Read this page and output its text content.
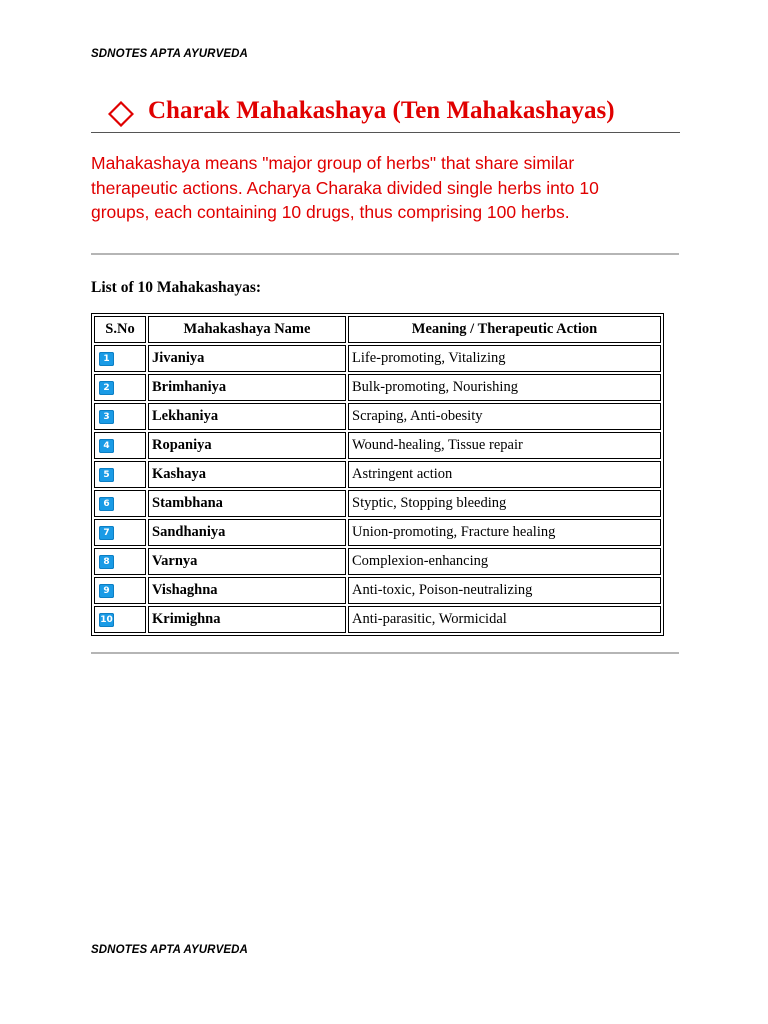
SDNOTES APTA AYURVEDA
Charak Mahakashaya (Ten Mahakashayas)
Mahakashaya means "major group of herbs" that share similar
therapeutic actions. Acharya Charaka divided single herbs into 10
groups, each containing 10 drugs, thus comprising 100 herbs.
List of 10 Mahakashayas:
S.No	Mahakashaya Name	Meaning / Therapeutic Action
1	Jivaniya	Life-promoting, Vitalizing
2	Brimhaniya	Bulk-promoting, Nourishing
3	Lekhaniya	Scraping, Anti-obesity
4	Ropaniya	Wound-healing, Tissue repair
5	Kashaya	Astringent action
6	Stambhana	Styptic, Stopping bleeding
7	Sandhaniya	Union-promoting, Fracture healing
8	Varnya	Complexion-enhancing
9	Vishaghna	Anti-toxic, Poison-neutralizing
10	Krimighna	Anti-parasitic, Wormicidal
SDNOTES APTA AYURVEDA
